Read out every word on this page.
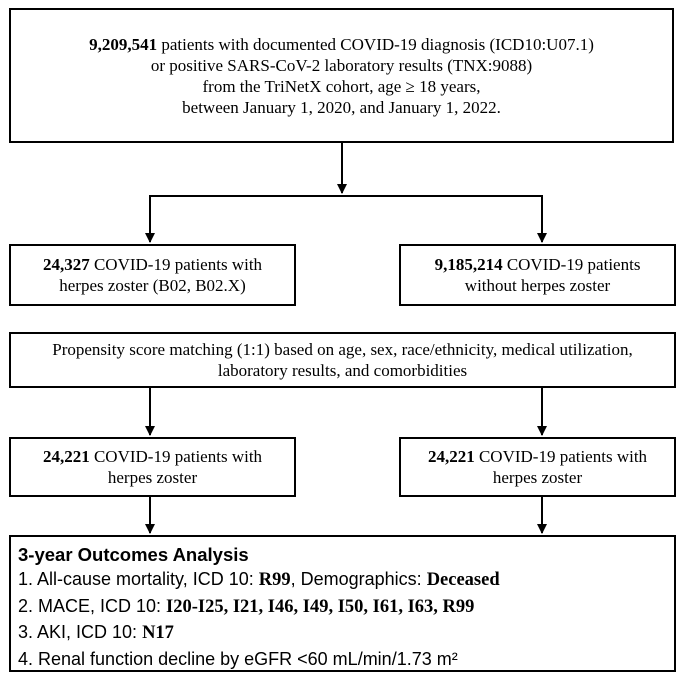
9,209,541 patients with documented COVID-19 diagnosis (ICD10:U07.1)
or positive SARS-CoV-2 laboratory results (TNX:9088)
from the TriNetX cohort, age ≥ 18 years,
between January 1, 2020, and January 1, 2022.
24,327 COVID-19 patients with
herpes zoster (B02, B02.X)
9,185,214 COVID-19 patients
without herpes zoster
Propensity score matching (1:1) based on age, sex, race/ethnicity, medical utilization,
laboratory results, and comorbidities
24,221 COVID-19 patients with
herpes zoster
24,221 COVID-19 patients with
herpes zoster
3-year Outcomes Analysis
1. All-cause mortality, ICD 10: R99, Demographics: Deceased
2. MACE, ICD 10: I20-I25, I21, I46, I49, I50, I61, I63, R99
3. AKI, ICD 10: N17
4. Renal function decline by eGFR <60 mL/min/1.73 m²
